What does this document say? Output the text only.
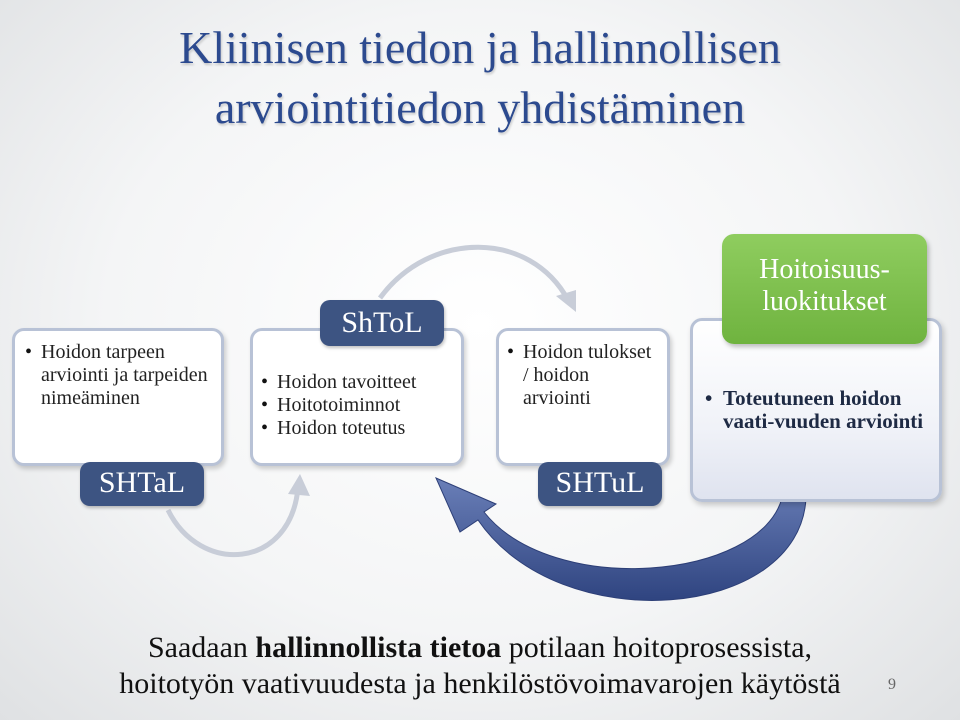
Kliinisen tiedon ja hallinnollisen
arviointitiedon yhdistäminen
• Hoidon tarpeen arviointi ja tarpeiden nimeäminen
SHTaL
• Hoidon tavoitteet
• Hoitotoiminnot
• Hoidon toteutus
ShToL
• Hoidon tulokset / hoidon arviointi
SHTuL
• Toteutuneen hoidon vaati-vuuden arviointi
Hoitoisuus-luokitukset
Saadaan hallinnollista tietoa potilaan hoitoprosessista,
hoitotyön vaativuudesta ja henkilöstövoimavarojen käytöstä	9
